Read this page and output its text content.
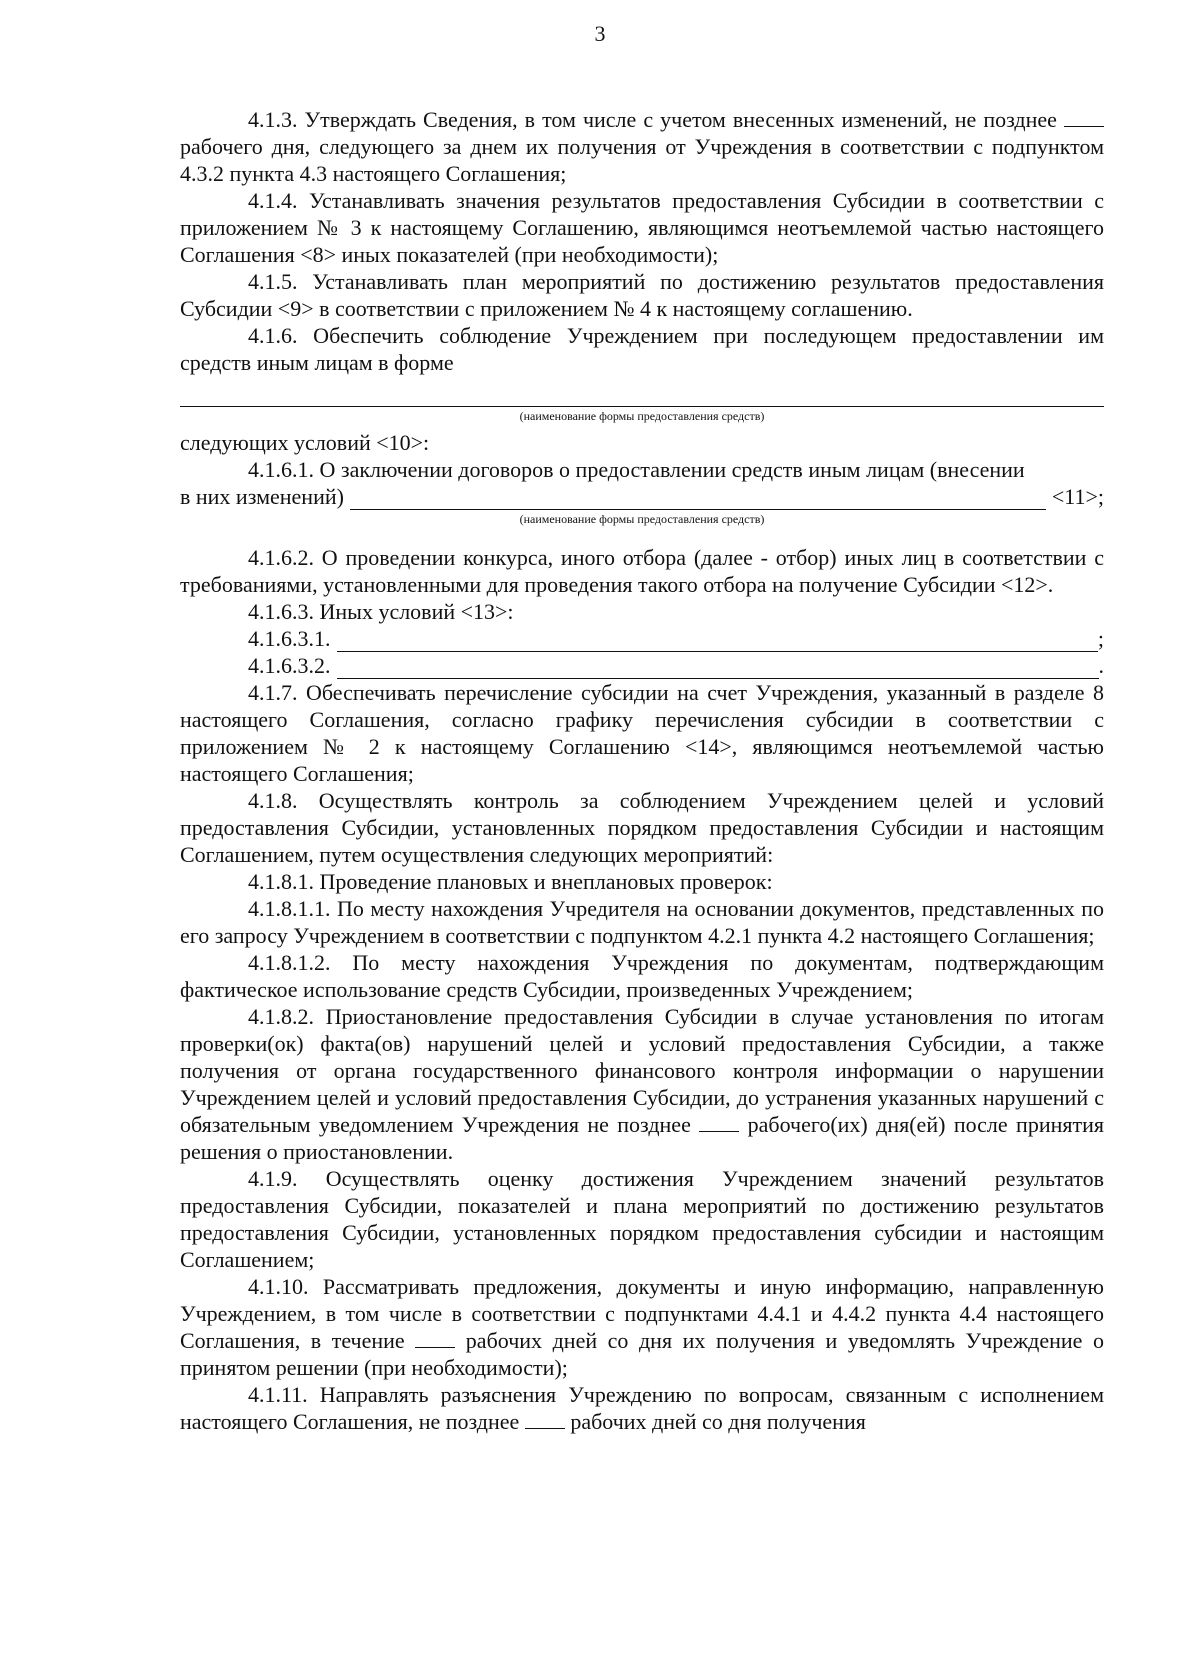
3

4.1.3. Утверждать Сведения, в том числе с учетом внесенных изменений, не позднее  рабочего дня, следующего за днем их получения от Учреждения в соответствии с подпунктом 4.3.2 пункта 4.3 настоящего Соглашения;

4.1.4. Устанавливать значения результатов предоставления Субсидии в соответствии с приложением № 3 к настоящему Соглашению, являющимся неотъемлемой частью настоящего Соглашения <8> иных показателей (при необходимости);

4.1.5. Устанавливать план мероприятий по достижению результатов предоставления Субсидии <9> в соответствии с приложением № 4 к настоящему соглашению.

4.1.6. Обеспечить соблюдение Учреждением при последующем предоставлении им средств иным лицам в форме

(наименование формы предоставления средств)

следующих условий <10>:

4.1.6.1. О заключении договоров о предоставлении средств иным лицам (внесении

в них изменений)	<11>;
(наименование формы предоставления средств)

4.1.6.2. О проведении конкурса, иного отбора (далее - отбор) иных лиц в соответствии с требованиями, установленными для проведения такого отбора на получение Субсидии <12>.

4.1.6.3. Иных условий <13>:

4.1.6.3.1.	;
4.1.6.3.2.	.

4.1.7. Обеспечивать перечисление субсидии на счет Учреждения, указанный в разделе 8 настоящего Соглашения, согласно графику перечисления субсидии в соответствии с приложением № 2 к настоящему Соглашению <14>, являющимся неотъемлемой частью настоящего Соглашения;

4.1.8. Осуществлять контроль за соблюдением Учреждением целей и условий предоставления Субсидии, установленных порядком предоставления Субсидии и настоящим Соглашением, путем осуществления следующих мероприятий:

4.1.8.1. Проведение плановых и внеплановых проверок:

4.1.8.1.1. По месту нахождения Учредителя на основании документов, представленных по его запросу Учреждением в соответствии с подпунктом 4.2.1 пункта 4.2 настоящего Соглашения;

4.1.8.1.2. По месту нахождения Учреждения по документам, подтверждающим фактическое использование средств Субсидии, произведенных Учреждением;

4.1.8.2. Приостановление предоставления Субсидии в случае установления по итогам проверки(ок) факта(ов) нарушений целей и условий предоставления Субсидии, а также получения от органа государственного финансового контроля информации о нарушении Учреждением целей и условий предоставления Субсидии, до устранения указанных нарушений с обязательным уведомлением Учреждения не позднее  рабочего(их) дня(ей) после принятия решения о приостановлении.

4.1.9. Осуществлять оценку достижения Учреждением значений результатов предоставления Субсидии, показателей и плана мероприятий по достижению результатов предоставления Субсидии, установленных порядком предоставления субсидии и настоящим Соглашением;

4.1.10. Рассматривать предложения, документы и иную информацию, направленную Учреждением, в том числе в соответствии с подпунктами 4.4.1 и 4.4.2 пункта 4.4 настоящего Соглашения, в течение  рабочих дней со дня их получения и уведомлять Учреждение о принятом решении (при необходимости);

4.1.11. Направлять разъяснения Учреждению по вопросам, связанным с исполнением настоящего Соглашения, не позднее  рабочих дней со дня получения
